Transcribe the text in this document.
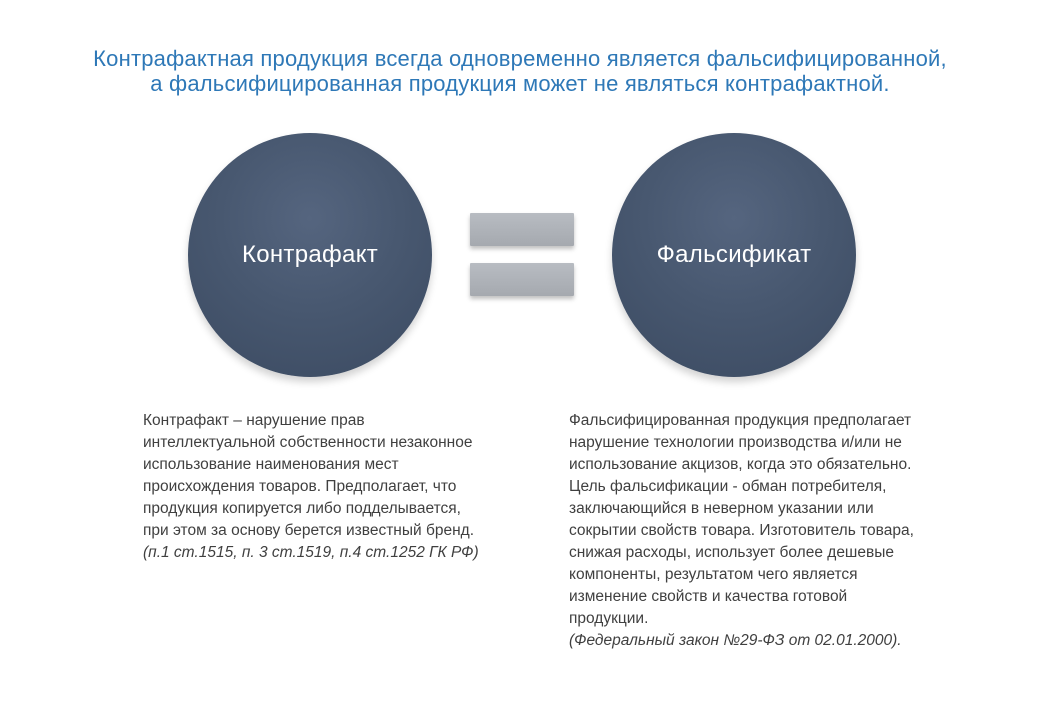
Контрафактная продукция всегда одновременно является фальсифицированной,
а фальсифицированная продукция может не являться контрафактной.
Контрафакт	Фальсификат

Контрафакт – нарушение прав

интеллектуальной собственности незаконное

использование наименования мест

происхождения товаров. Предполагает, что

продукция копируется либо подделывается,

при этом за основу берется известный бренд.

(п.1 ст.1515, п. 3 ст.1519, п.4 ст.1252 ГК РФ)

Фальсифицированная продукция предполагает

нарушение технологии производства и/или не

использование акцизов, когда это обязательно.

Цель фальсификации - обман потребителя,

заключающийся в неверном указании или

сокрытии свойств товара. Изготовитель товара,

снижая расходы, использует более дешевые

компоненты, результатом чего является

изменение свойств и качества готовой

продукции.

(Федеральный закон №29-ФЗ от 02.01.2000).
